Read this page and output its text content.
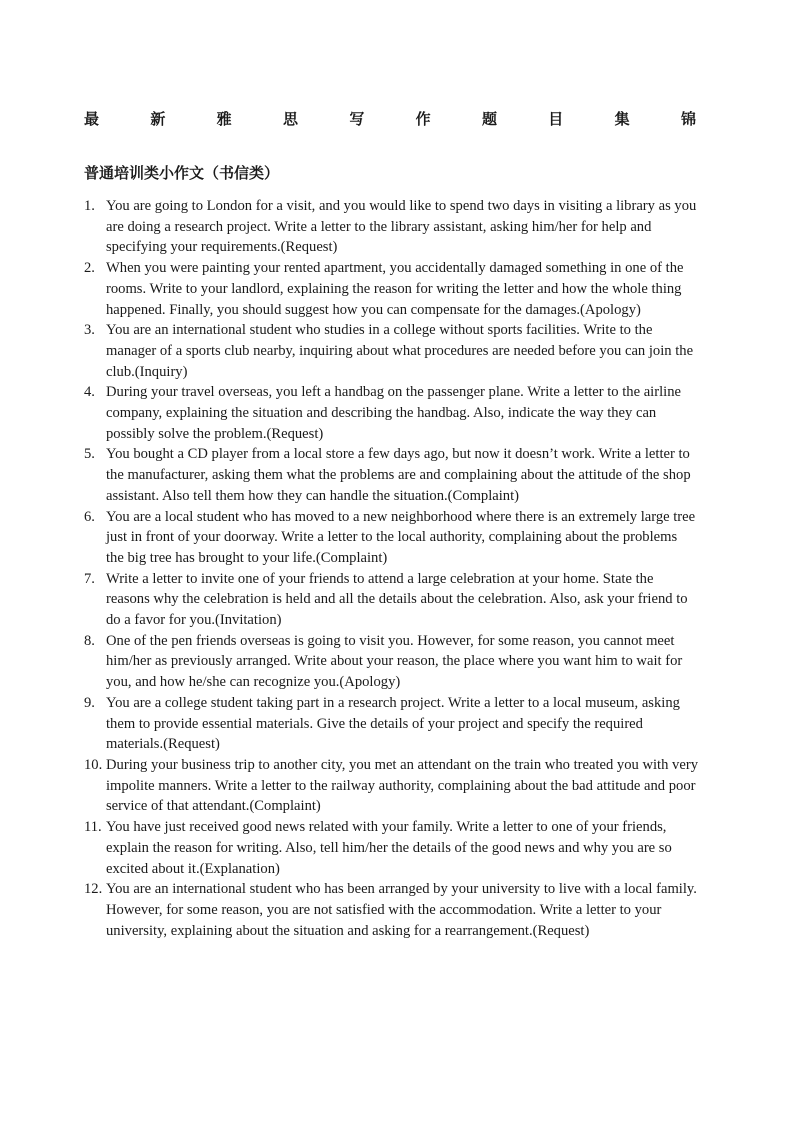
最	新	雅	思	写	作	题	目	集	锦
普通培训类小作文（书信类）
1. You are going to London for a visit, and you would like to spend two days in visiting a library as you are doing a research project. Write a letter to the library assistant, asking him/her for help and specifying your requirements.(Request)
2. When you were painting your rented apartment, you accidentally damaged something in one of the rooms. Write to your landlord, explaining the reason for writing the letter and how the whole thing happened. Finally, you should suggest how you can compensate for the damages.(Apology)
3. You are an international student who studies in a college without sports facilities. Write to the manager of a sports club nearby, inquiring about what procedures are needed before you can join the club.(Inquiry)
4. During your travel overseas, you left a handbag on the passenger plane. Write a letter to the airline company, explaining the situation and describing the handbag. Also, indicate the way they can possibly solve the problem.(Request)
5. You bought a CD player from a local store a few days ago, but now it doesn’t work. Write a letter to the manufacturer, asking them what the problems are and complaining about the attitude of the shop assistant. Also tell them how they can handle the situation.(Complaint)
6. You are a local student who has moved to a new neighborhood where there is an extremely large tree just in front of your doorway. Write a letter to the local authority, complaining about the problems the big tree has brought to your life.(Complaint)
7. Write a letter to invite one of your friends to attend a large celebration at your home. State the reasons why the celebration is held and all the details about the celebration. Also, ask your friend to do a favor for you.(Invitation)
8. One of the pen friends overseas is going to visit you. However, for some reason, you cannot meet him/her as previously arranged. Write about your reason, the place where you want him to wait for you, and how he/she can recognize you.(Apology)
9. You are a college student taking part in a research project. Write a letter to a local museum, asking them to provide essential materials. Give the details of your project and specify the required materials.(Request)
10. During your business trip to another city, you met an attendant on the train who treated you with very impolite manners. Write a letter to the railway authority, complaining about the bad attitude and poor service of that attendant.(Complaint)
11. You have just received good news related with your family. Write a letter to one of your friends, explain the reason for writing. Also, tell him/her the details of the good news and why you are so excited about it.(Explanation)
12. You are an international student who has been arranged by your university to live with a local family. However, for some reason, you are not satisfied with the accommodation. Write a letter to your university, explaining about the situation and asking for a rearrangement.(Request)
